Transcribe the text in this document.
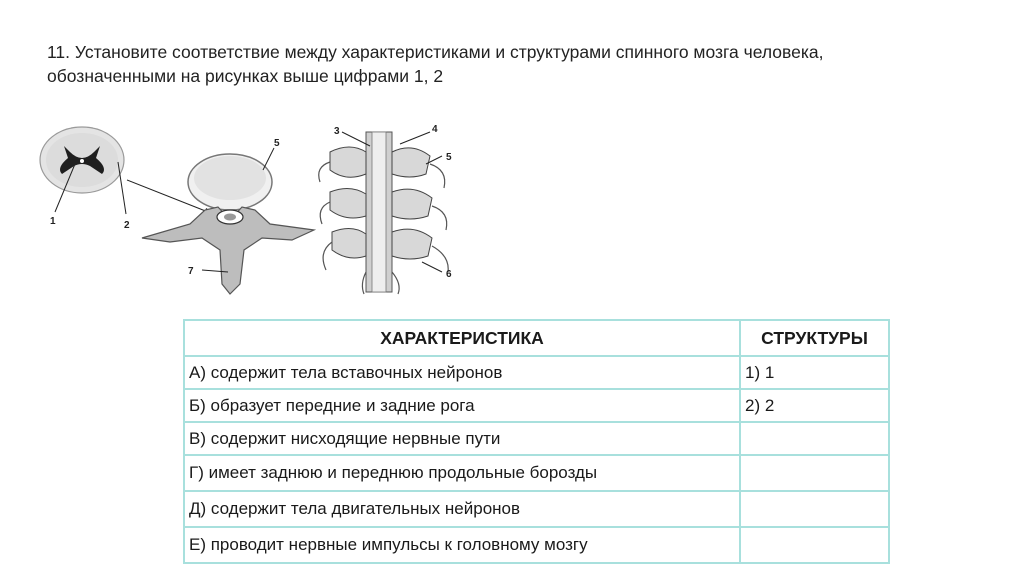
11. Установите соответствие между характеристиками и структурами спинного мозга человека, обозначенными на рисунках выше цифрами 1, 2
1	2
5
7
3	4
5
6
ХАРАКТЕРИСТИКА	СТРУКТУРЫ
А) содержит тела вставочных нейронов	1) 1
Б) образует передние и задние рога	2) 2
В) содержит нисходящие нервные пути	
Г) имеет заднюю и переднюю продольные борозды	
Д) содержит тела двигательных нейронов	
Е) проводит нервные импульсы к головному мозгу	
